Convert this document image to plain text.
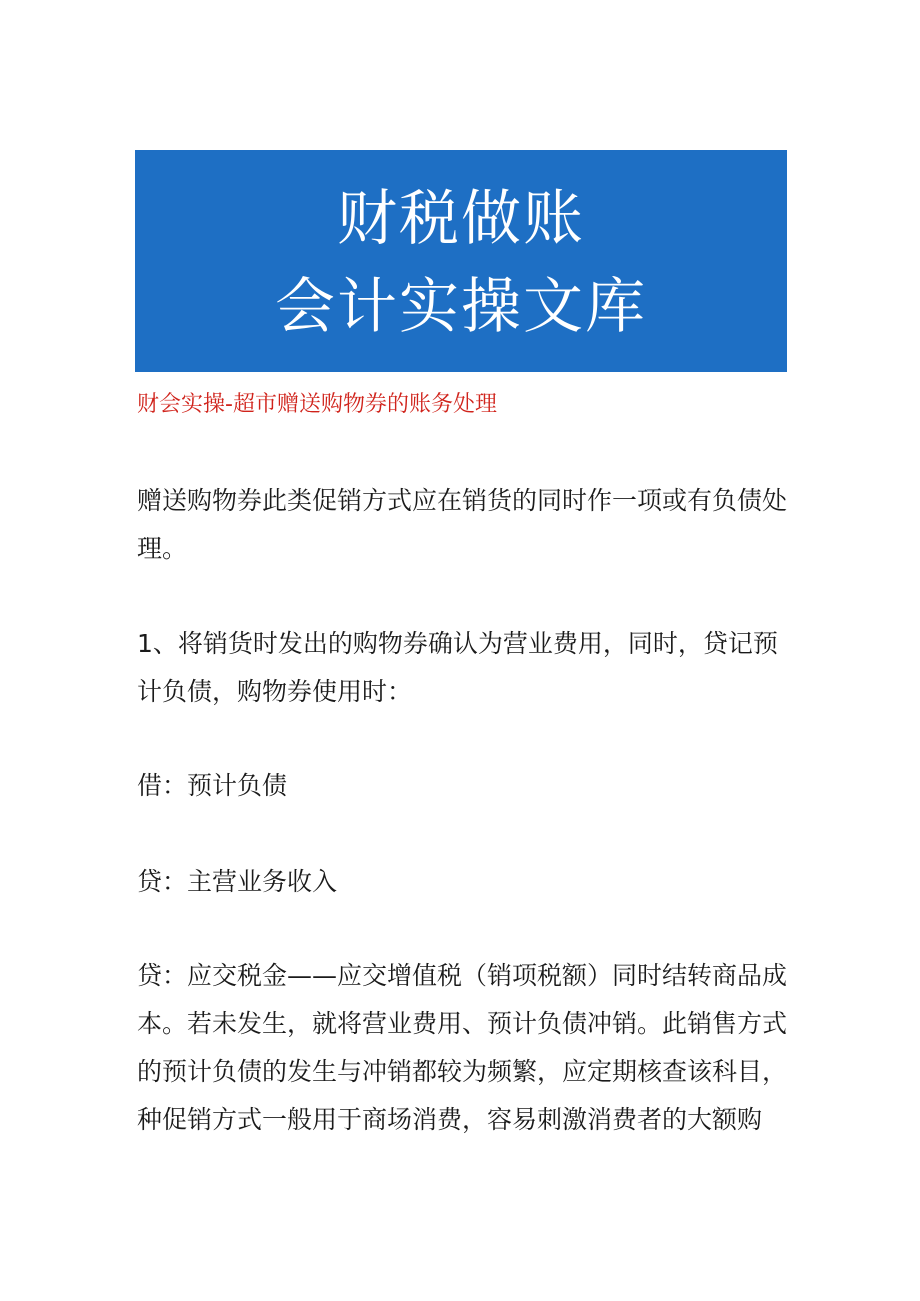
财税做账
会计实操文库
财会实操-超市赠送购物券的账务处理

赠送购物券此类促销方式应在销货的同时作一项或有负债处理。

1、将销货时发出的购物券确认为营业费用，同时，贷记预计负债，购物券使用时：

借：预计负债

贷：主营业务收入

贷：应交税金——应交增值税（销项税额）同时结转商品成本。若未发生，就将营业费用、预计负债冲销。此销售方式的预计负债的发生与冲销都较为频繁，应定期核查该科目，种促销方式一般用于商场消费，容易刺激消费者的大额购
